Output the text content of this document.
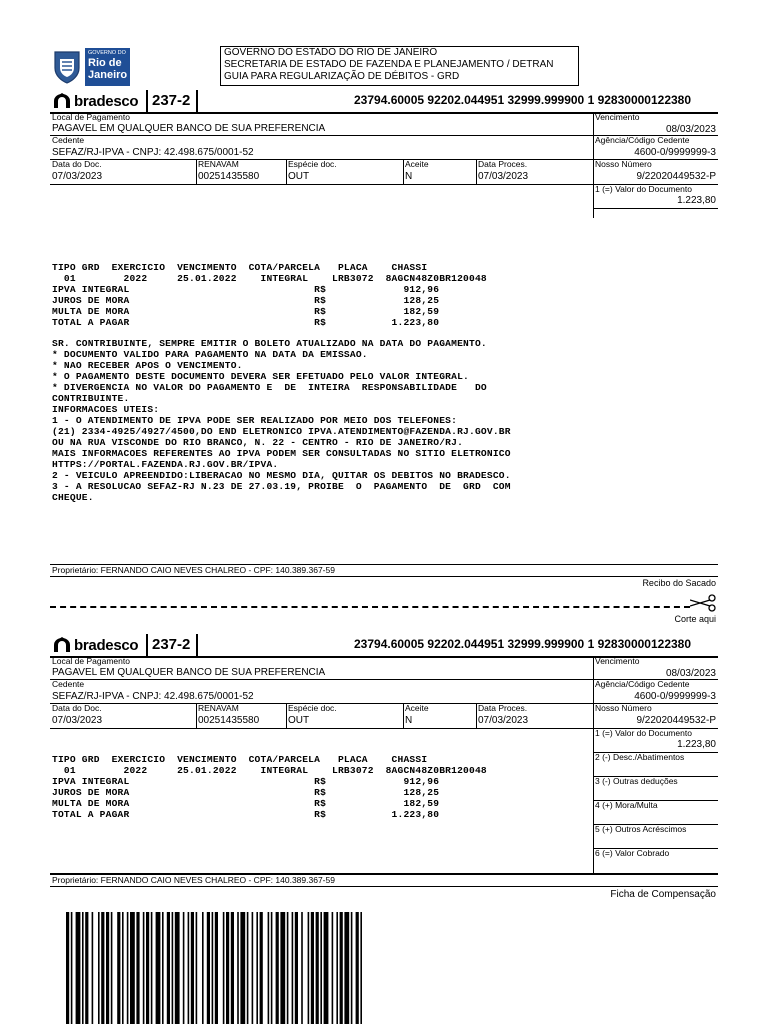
GOVERNO DO
Rio de
Janeiro
GOVERNO DO ESTADO DO RIO DE JANEIRO
SECRETARIA DE ESTADO DE FAZENDA E PLANEJAMENTO / DETRAN
GUIA PARA REGULARIZAÇÃO DE DÉBITOS - GRD
bradesco 237-2	23794.60005 92202.044951 32999.999900 1 92830000122380
Local de Pagamento
PAGAVEL EM QUALQUER BANCO DE SUA PREFERENCIA
Vencimento
08/03/2023
Cedente
SEFAZ/RJ-IPVA - CNPJ: 42.498.675/0001-52
Agência/Código Cedente
4600-0/9999999-3
Data do Doc.
07/03/2023
RENAVAM
00251435580
Espécie doc.
OUT
Aceite
N
Data Proces.
07/03/2023
Nosso Número
9/22020449532-P
1 (=) Valor do Documento
1.223,80
TIPO GRD  EXERCICIO  VENCIMENTO  COTA/PARCELA   PLACA    CHASSI
01        2022     25.01.2022    INTEGRAL    LRB3072  8AGCN48Z0BR120048
IPVA INTEGRAL                               R$             912,96
JUROS DE MORA                               R$             128,25
MULTA DE MORA                               R$             182,59
TOTAL A PAGAR                               R$           1.223,80
SR. CONTRIBUINTE, SEMPRE EMITIR O BOLETO ATUALIZADO NA DATA DO PAGAMENTO.
* DOCUMENTO VALIDO PARA PAGAMENTO NA DATA DA EMISSAO.
* NAO RECEBER APOS O VENCIMENTO.
* O PAGAMENTO DESTE DOCUMENTO DEVERA SER EFETUADO PELO VALOR INTEGRAL.
* DIVERGENCIA NO VALOR DO PAGAMENTO E  DE  INTEIRA  RESPONSABILIDADE   DO
CONTRIBUINTE.
INFORMACOES UTEIS:
1 - O ATENDIMENTO DE IPVA PODE SER REALIZADO POR MEIO DOS TELEFONES:
(21) 2334-4925/4927/4500,DO END ELETRONICO IPVA.ATENDIMENTO@FAZENDA.RJ.GOV.BR
OU NA RUA VISCONDE DO RIO BRANCO, N. 22 - CENTRO - RIO DE JANEIRO/RJ.
MAIS INFORMACOES REFERENTES AO IPVA PODEM SER CONSULTADAS NO SITIO ELETRONICO
HTTPS://PORTAL.FAZENDA.RJ.GOV.BR/IPVA.
2 - VEICULO APREENDIDO:LIBERACAO NO MESMO DIA, QUITAR OS DEBITOS NO BRADESCO.
3 - A RESOLUCAO SEFAZ-RJ N.23 DE 27.03.19, PROIBE  O  PAGAMENTO  DE  GRD  COM
CHEQUE.
Proprietário: FERNANDO CAIO NEVES CHALREO - CPF: 140.389.367-59
Recibo do Sacado
Corte aqui
bradesco 237-2	23794.60005 92202.044951 32999.999900 1 92830000122380
Local de Pagamento
PAGAVEL EM QUALQUER BANCO DE SUA PREFERENCIA
Vencimento
08/03/2023
Cedente
SEFAZ/RJ-IPVA - CNPJ: 42.498.675/0001-52
Agência/Código Cedente
4600-0/9999999-3
Data do Doc.
07/03/2023
RENAVAM
00251435580
Espécie doc.
OUT
Aceite
N
Data Proces.
07/03/2023
Nosso Número
9/22020449532-P
1 (=) Valor do Documento
1.223,80
2 (-) Desc./Abatimentos
3 (-) Outras deduções
4 (+) Mora/Multa
5 (+) Outros Acréscimos
6 (=) Valor Cobrado
TIPO GRD  EXERCICIO  VENCIMENTO  COTA/PARCELA   PLACA    CHASSI
01        2022     25.01.2022    INTEGRAL    LRB3072  8AGCN48Z0BR120048
IPVA INTEGRAL                               R$             912,96
JUROS DE MORA                               R$             128,25
MULTA DE MORA                               R$             182,59
TOTAL A PAGAR                               R$           1.223,80
Proprietário: FERNANDO CAIO NEVES CHALREO - CPF: 140.389.367-59
Ficha de Compensação
